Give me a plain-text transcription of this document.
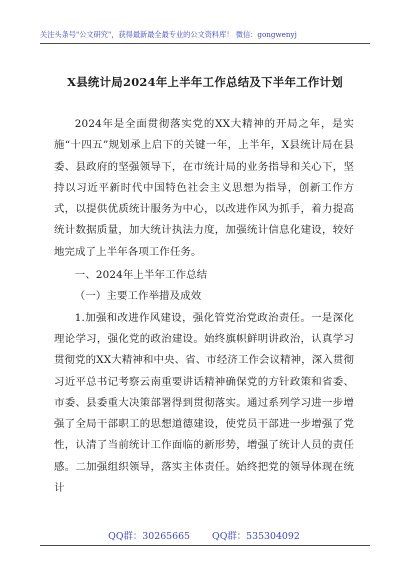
关注头条号"公文研究"，获得最新最全最专业的公文资料库！ 微信：gongwenyj
X县统计局2024年上半年工作总结及下半年工作计划

2024年是全面贯彻落实党的XX大精神的开局之年，是实施“十四五”规划承上启下的关键一年，上半年，X县统计局在县委、县政府的坚强领导下，在市统计局的业务指导和关心下，坚持以习近平新时代中国特色社会主义思想为指导，创新工作方式，以提供优质统计服务为中心，以改进作风为抓手，着力提高统计数据质量，加大统计执法力度，加强统计信息化建设，较好地完成了上半年各项工作任务。

一、2024年上半年工作总结

（一）主要工作举措及成效

1.加强和改进作风建设，强化管党治党政治责任。一是深化理论学习，强化党的政治建设。始终旗帜鲜明讲政治，认真学习贯彻党的XX大精神和中央、省、市经济工作会议精神，深入贯彻习近平总书记考察云南重要讲话精神确保党的方针政策和省委、市委、县委重大决策部署得到贯彻落实。通过系列学习进一步增强了全局干部职工的思想道德建设，使党员干部进一步增强了党性，认清了当前统计工作面临的新形势，增强了统计人员的责任感。二加强组织领导，落实主体责任。始终把党的领导体现在统计

QQ群：30265665 QQ群：535304092
